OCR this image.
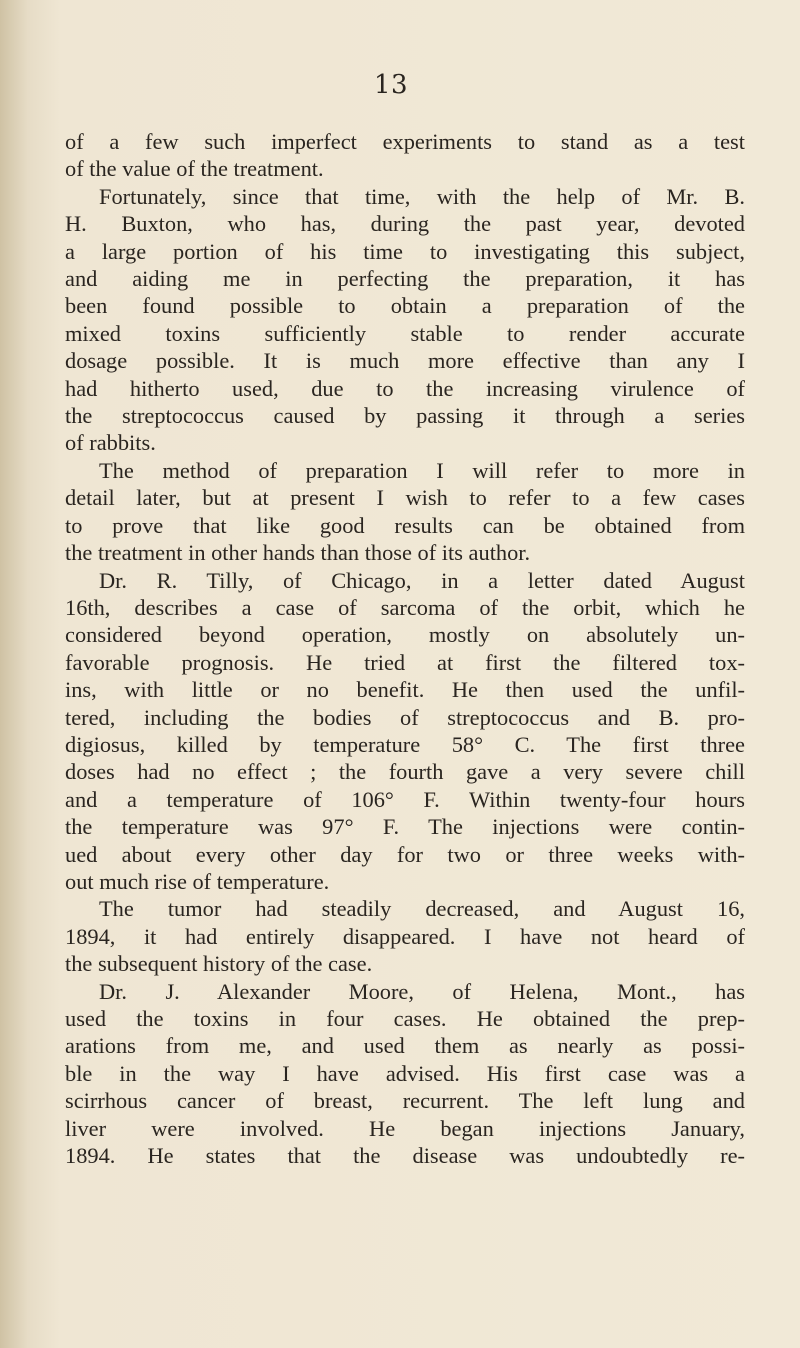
13
of a few such imperfect experiments to stand as a test
of the value of the treatment.
Fortunately, since that time, with the help of Mr. B.
H. Buxton, who has, during the past year, devoted
a large portion of his time to investigating this subject,
and aiding me in perfecting the preparation, it has
been found possible to obtain a preparation of the
mixed toxins sufficiently stable to render accurate
dosage possible. It is much more effective than any I
had hitherto used, due to the increasing virulence of
the streptococcus caused by passing it through a series
of rabbits.
The method of preparation I will refer to more in
detail later, but at present I wish to refer to a few cases
to prove that like good results can be obtained from
the treatment in other hands than those of its author.
Dr. R. Tilly, of Chicago, in a letter dated August
16th, describes a case of sarcoma of the orbit, which he
considered beyond operation, mostly on absolutely un-
favorable prognosis. He tried at first the filtered tox-
ins, with little or no benefit. He then used the unfil-
tered, including the bodies of streptococcus and B. pro-
digiosus, killed by temperature 58° C. The first three
doses had no effect ; the fourth gave a very severe chill
and a temperature of 106° F. Within twenty-four hours
the temperature was 97° F. The injections were contin-
ued about every other day for two or three weeks with-
out much rise of temperature.
The tumor had steadily decreased, and August 16,
1894, it had entirely disappeared. I have not heard of
the subsequent history of the case.
Dr. J. Alexander Moore, of Helena, Mont., has
used the toxins in four cases. He obtained the prep-
arations from me, and used them as nearly as possi-
ble in the way I have advised. His first case was a
scirrhous cancer of breast, recurrent. The left lung and
liver were involved. He began injections January,
1894. He states that the disease was undoubtedly re-
